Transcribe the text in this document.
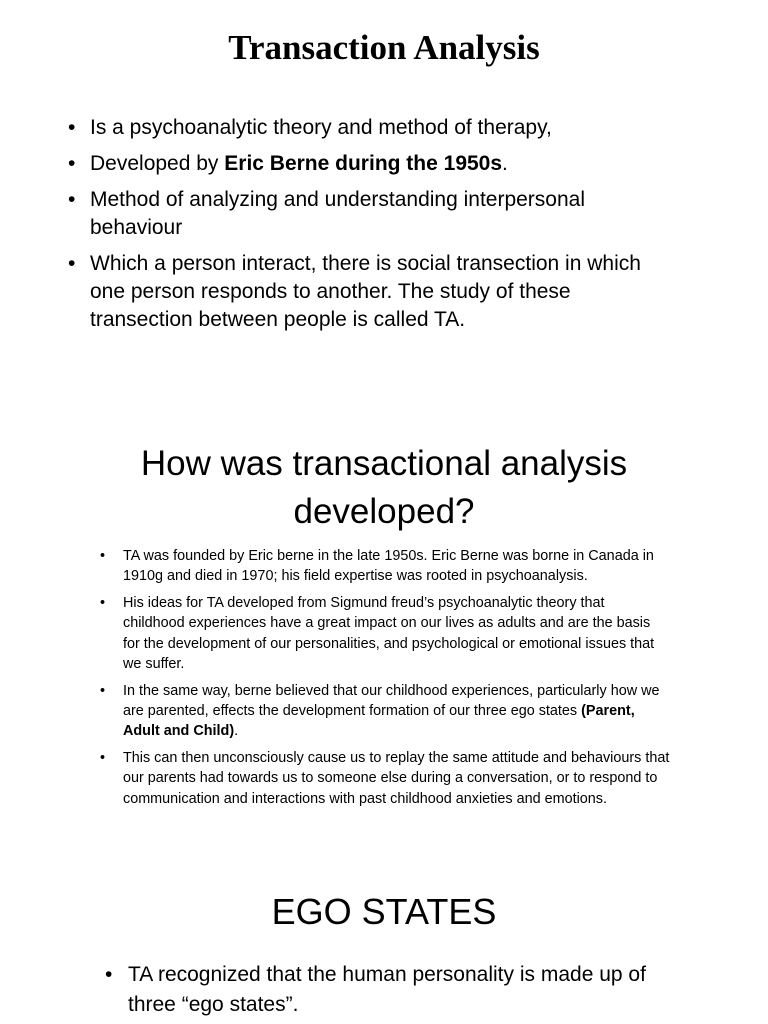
Transaction Analysis
• Is a psychoanalytic theory and method of therapy,
• Developed by Eric Berne during the 1950s.
• Method of analyzing and understanding interpersonal behaviour
• Which a person interact, there is social transection in which one person responds to another. The study of these transection between people is called TA.
How was transactional analysis
developed?
• TA was founded by Eric berne in the late 1950s. Eric Berne was borne in Canada in 1910g and died in 1970; his field expertise was rooted in psychoanalysis.
• His ideas for TA developed from Sigmund freud’s psychoanalytic theory that childhood experiences have a great impact on our lives as adults and are the basis for the development of our personalities, and psychological or emotional issues that we suffer.
• In the same way, berne believed that our childhood experiences, particularly how we are parented, effects the development formation of our three ego states (Parent, Adult and Child).
• This can then unconsciously cause us to replay the same attitude and behaviours that our parents had towards us to someone else during a conversation, or to respond to communication and interactions with past childhood anxieties and emotions.
EGO STATES
• TA recognized that the human personality is made up of three “ego states”.
